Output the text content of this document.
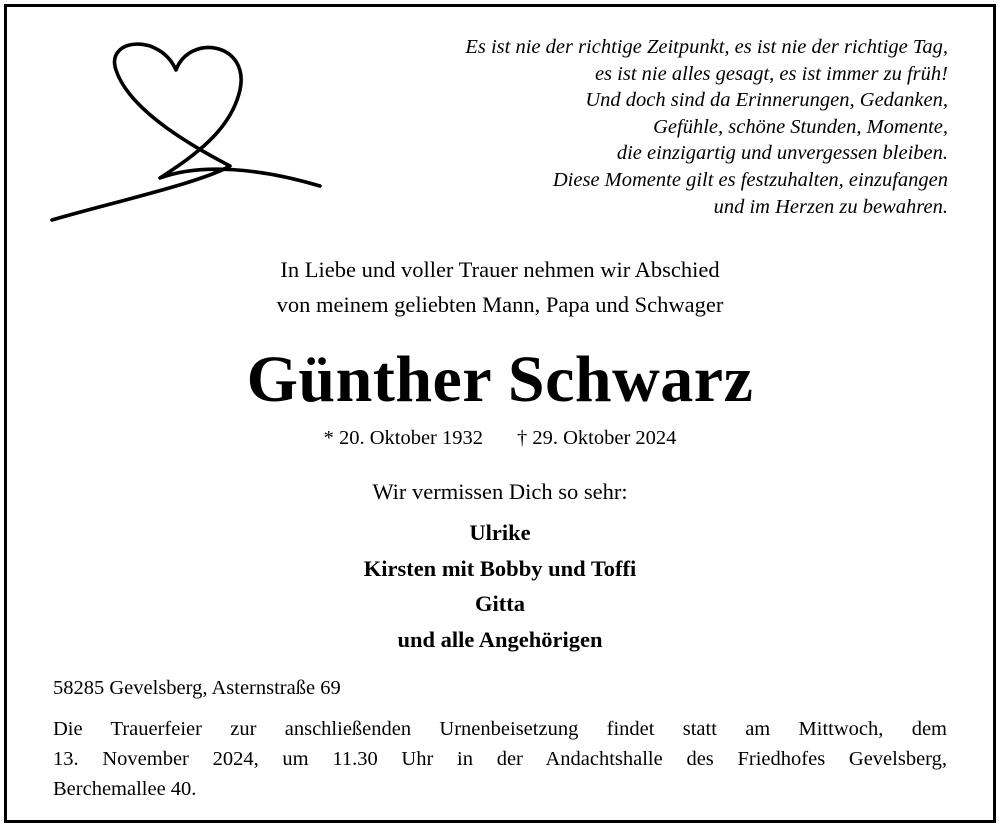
Es ist nie der richtige Zeitpunkt, es ist nie der richtige Tag,
es ist nie alles gesagt, es ist immer zu früh!
Und doch sind da Erinnerungen, Gedanken,
Gefühle, schöne Stunden, Momente,
die einzigartig und unvergessen bleiben.
Diese Momente gilt es festzuhalten, einzufangen
und im Herzen zu bewahren.
In Liebe und voller Trauer nehmen wir Abschied
von meinem geliebten Mann, Papa und Schwager
Günther Schwarz
* 20. Oktober 1932 † 29. Oktober 2024
Wir vermissen Dich so sehr:
Ulrike
Kirsten mit Bobby und Toffi
Gitta
und alle Angehörigen
58285 Gevelsberg, Asternstraße 69
Die Trauerfeier zur anschließenden Urnenbeisetzung findet statt am Mittwoch, dem
13. November 2024, um 11.30 Uhr in der Andachtshalle des Friedhofes Gevelsberg,
Berchemallee 40.
